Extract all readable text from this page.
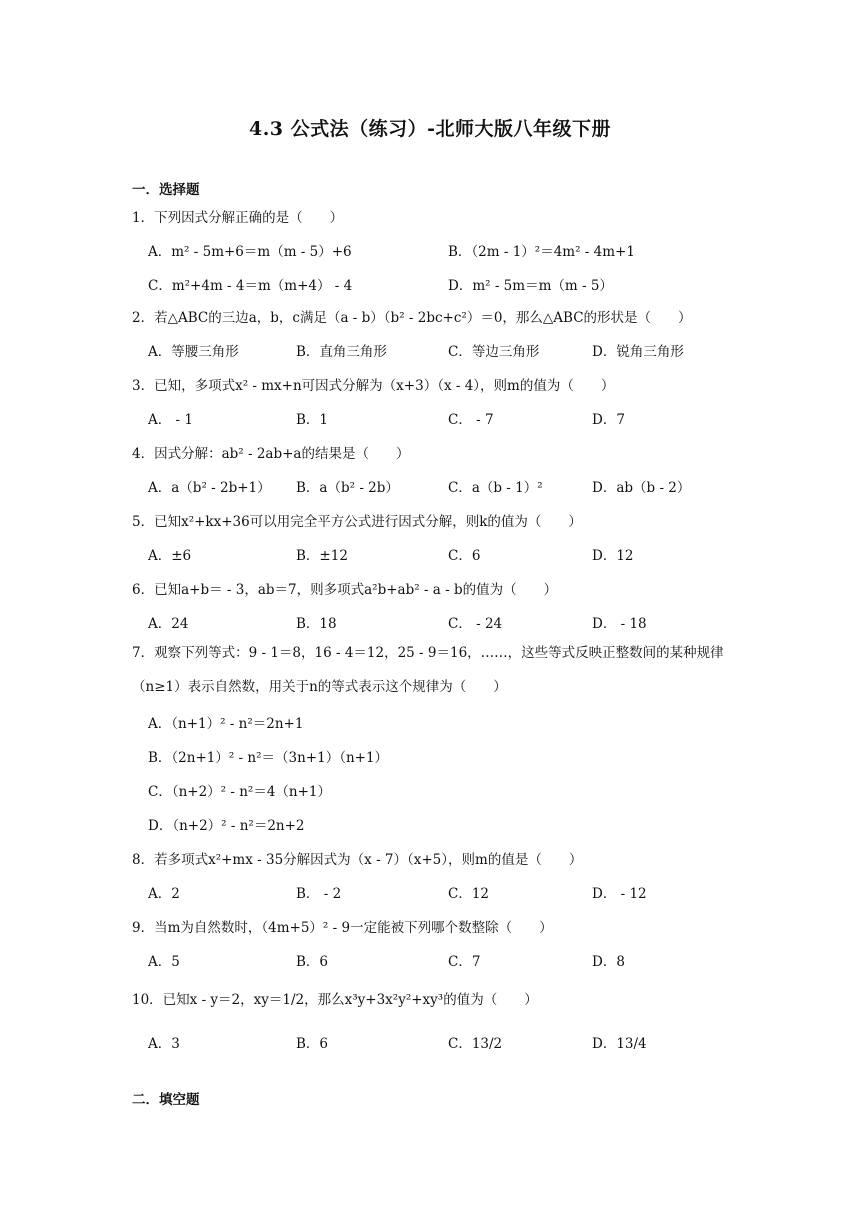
4.3 公式法（练习）-北师大版八年级下册
一．选择题
1．下列因式分解正确的是（　　）
A．m² ‐ 5m+6＝m（m ‐ 5）+6	B．（2m ‐ 1）²＝4m² ‐ 4m+1
C．m²+4m ‐ 4＝m（m+4） ‐ 4	D．m² ‐ 5m＝m（m ‐ 5）
2．若△ABC的三边a，b，c满足（a ‐ b）（b² ‐ 2bc+c²）＝0，那么△ABC的形状是（　　）
A．等腰三角形	B．直角三角形	C．等边三角形	D．锐角三角形
3．已知，多项式x² ‐ mx+n可因式分解为（x+3）（x ‐ 4），则m的值为（　　）
A． ‐ 1	B．1	C． ‐ 7	D．7
4．因式分解：ab² ‐ 2ab+a的结果是（　　）
A．a（b² ‐ 2b+1） B．a（b² ‐ 2b）	C．a（b ‐ 1）²	D．ab（b ‐ 2）
5．已知x²+kx+36可以用完全平方公式进行因式分解，则k的值为（　　）
A．±6	B．±12	C．6	D．12
6．已知a+b＝ ‐ 3，ab＝7，则多项式a²b+ab² ‐ a ‐ b的值为（　　）
A．24	B．18	C． ‐ 24	D． ‐ 18
7．观察下列等式：9 ‐ 1＝8，16 ‐ 4＝12，25 ‐ 9＝16，……，这些等式反映正整数间的某种规律（n≥1）表示自然数，用关于n的等式表示这个规律为（　　）
A．（n+1）² ‐ n²＝2n+1
B．（2n+1）² ‐ n²＝（3n+1）（n+1）
C．（n+2）² ‐ n²＝4（n+1）
D．（n+2）² ‐ n²＝2n+2
8．若多项式x²+mx ‐ 35分解因式为（x ‐ 7）（x+5），则m的值是（　　）
A．2	B． ‐ 2	C．12	D． ‐ 12
9．当m为自然数时，（4m+5）² ‐ 9一定能被下列哪个数整除（　　）
A．5	B．6	C．7	D．8
10．已知x ‐ y＝2，xy＝1/2，那么x³y+3x²y²+xy³的值为（　　）
A．3	B．6	C．13/2	D．13/4
二．填空题
